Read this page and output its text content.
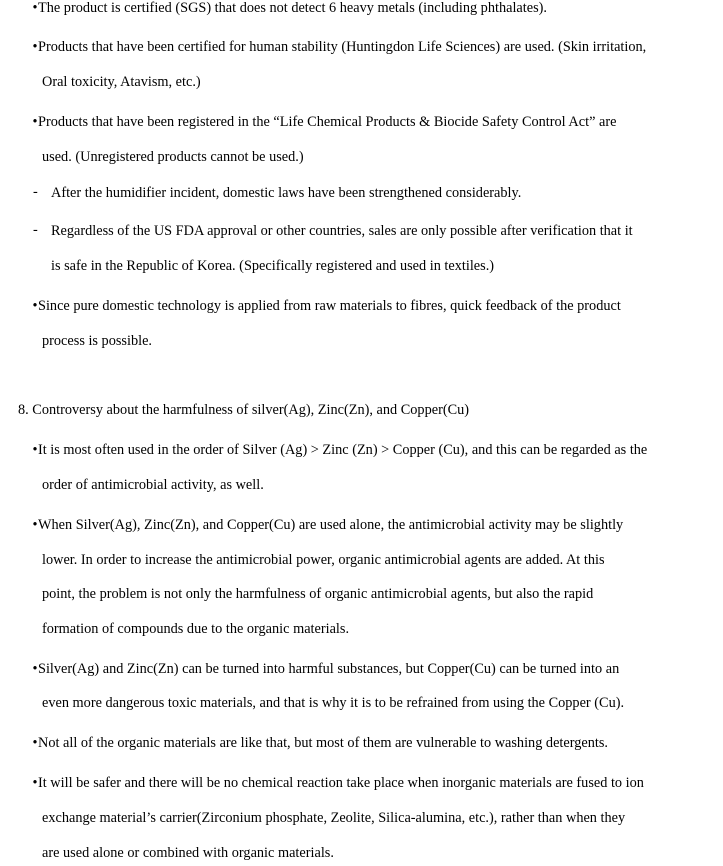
•The product is certified (SGS) that does not detect 6 heavy metals (including phthalates).
•Products that have been certified for human stability (Huntingdon Life Sciences) are used. (Skin irritation,
Oral toxicity, Atavism, etc.)
•Products that have been registered in the “Life Chemical Products & Biocide Safety Control Act” are
used. (Unregistered products cannot be used.)
- After the humidifier incident, domestic laws have been strengthened considerably.
- Regardless of the US FDA approval or other countries, sales are only possible after verification that it
is safe in the Republic of Korea. (Specifically registered and used in textiles.)
•Since pure domestic technology is applied from raw materials to fibres, quick feedback of the product
process is possible.
8. Controversy about the harmfulness of silver(Ag), Zinc(Zn), and Copper(Cu)
•It is most often used in the order of Silver (Ag) > Zinc (Zn) > Copper (Cu), and this can be regarded as the
order of antimicrobial activity, as well.
•When Silver(Ag), Zinc(Zn), and Copper(Cu) are used alone, the antimicrobial activity may be slightly
lower. In order to increase the antimicrobial power, organic antimicrobial agents are added. At this
point, the problem is not only the harmfulness of organic antimicrobial agents, but also the rapid
formation of compounds due to the organic materials.
•Silver(Ag) and Zinc(Zn) can be turned into harmful substances, but Copper(Cu) can be turned into an
even more dangerous toxic materials, and that is why it is to be refrained from using the Copper (Cu).
•Not all of the organic materials are like that, but most of them are vulnerable to washing detergents.
•It will be safer and there will be no chemical reaction take place when inorganic materials are fused to ion
exchange material’s carrier(Zirconium phosphate, Zeolite, Silica-alumina, etc.), rather than when they
are used alone or combined with organic materials.
